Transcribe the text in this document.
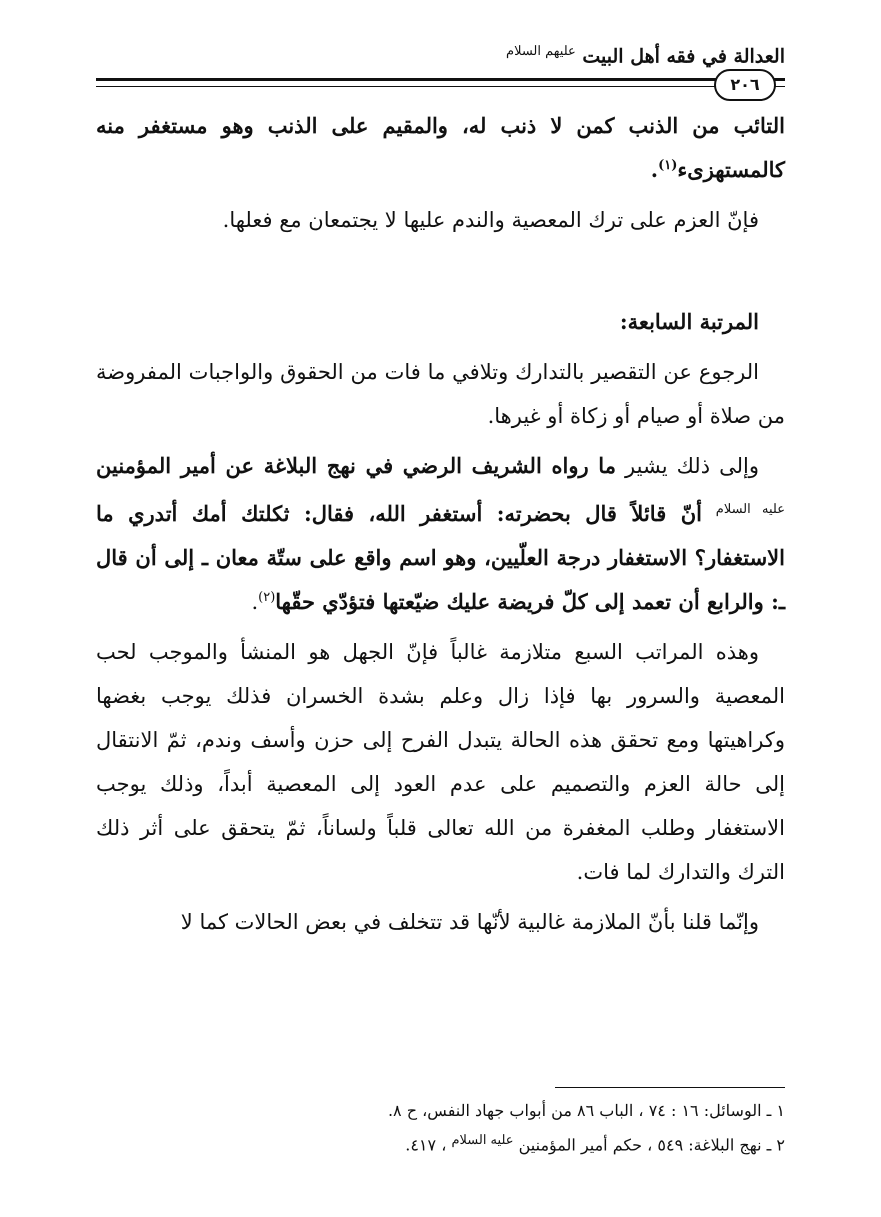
العدالة في فقه أهل البيت $^{عليهم السلام}$
٢٠٦

التائب من الذنب كمن لا ذنب له، والمقيم على الذنب وهو مستغفر منه كالمستهزىء$^{(١)}$.

فإنّ العزم على ترك المعصية والندم عليها لا يجتمعان مع فعلها.

المرتبة السابعة:

الرجوع عن التقصير بالتدارك وتلافي ما فات من الحقوق والواجبات المفروضة من صلاة أو صيام أو زكاة أو غيرها.

وإلى ذلك يشير ما رواه الشريف الرضي في نهج البلاغة عن أمير المؤمنين $^{عليه السلام}$ أنّ قائلاً قال بحضرته: أستغفر الله، فقال: ثكلتك أمك أتدري ما الاستغفار؟ الاستغفار درجة العلّيين، وهو اسم واقع على ستّة معان ـ إلى أن قال ـ: والرابع أن تعمد إلى كلّ فريضة عليك ضيّعتها فتؤدّي حقّها$^{(٢)}$.

وهذه المراتب السبع متلازمة غالباً فإنّ الجهل هو المنشأ والموجب لحب المعصية والسرور بها فإذا زال وعلم بشدة الخسران فذلك يوجب بغضها وكراهيتها ومع تحقق هذه الحالة يتبدل الفرح إلى حزن وأسف وندم، ثمّ الانتقال إلى حالة العزم والتصميم على عدم العود إلى المعصية أبداً، وذلك يوجب الاستغفار وطلب المغفرة من الله تعالى قلباً ولساناً، ثمّ يتحقق على أثر ذلك الترك والتدارك لما فات.

وإنّما قلنا بأنّ الملازمة غالبية لأنّها قد تتخلف في بعض الحالات كما لا

١ ـ الوسائل: ١٦ : ٧٤ ، الباب ٨٦ من أبواب جهاد النفس، ح ٨.

٢ ـ نهج البلاغة: ٥٤٩ ، حكم أمير المؤمنين $^{عليه السلام}$ ، ٤١٧.
